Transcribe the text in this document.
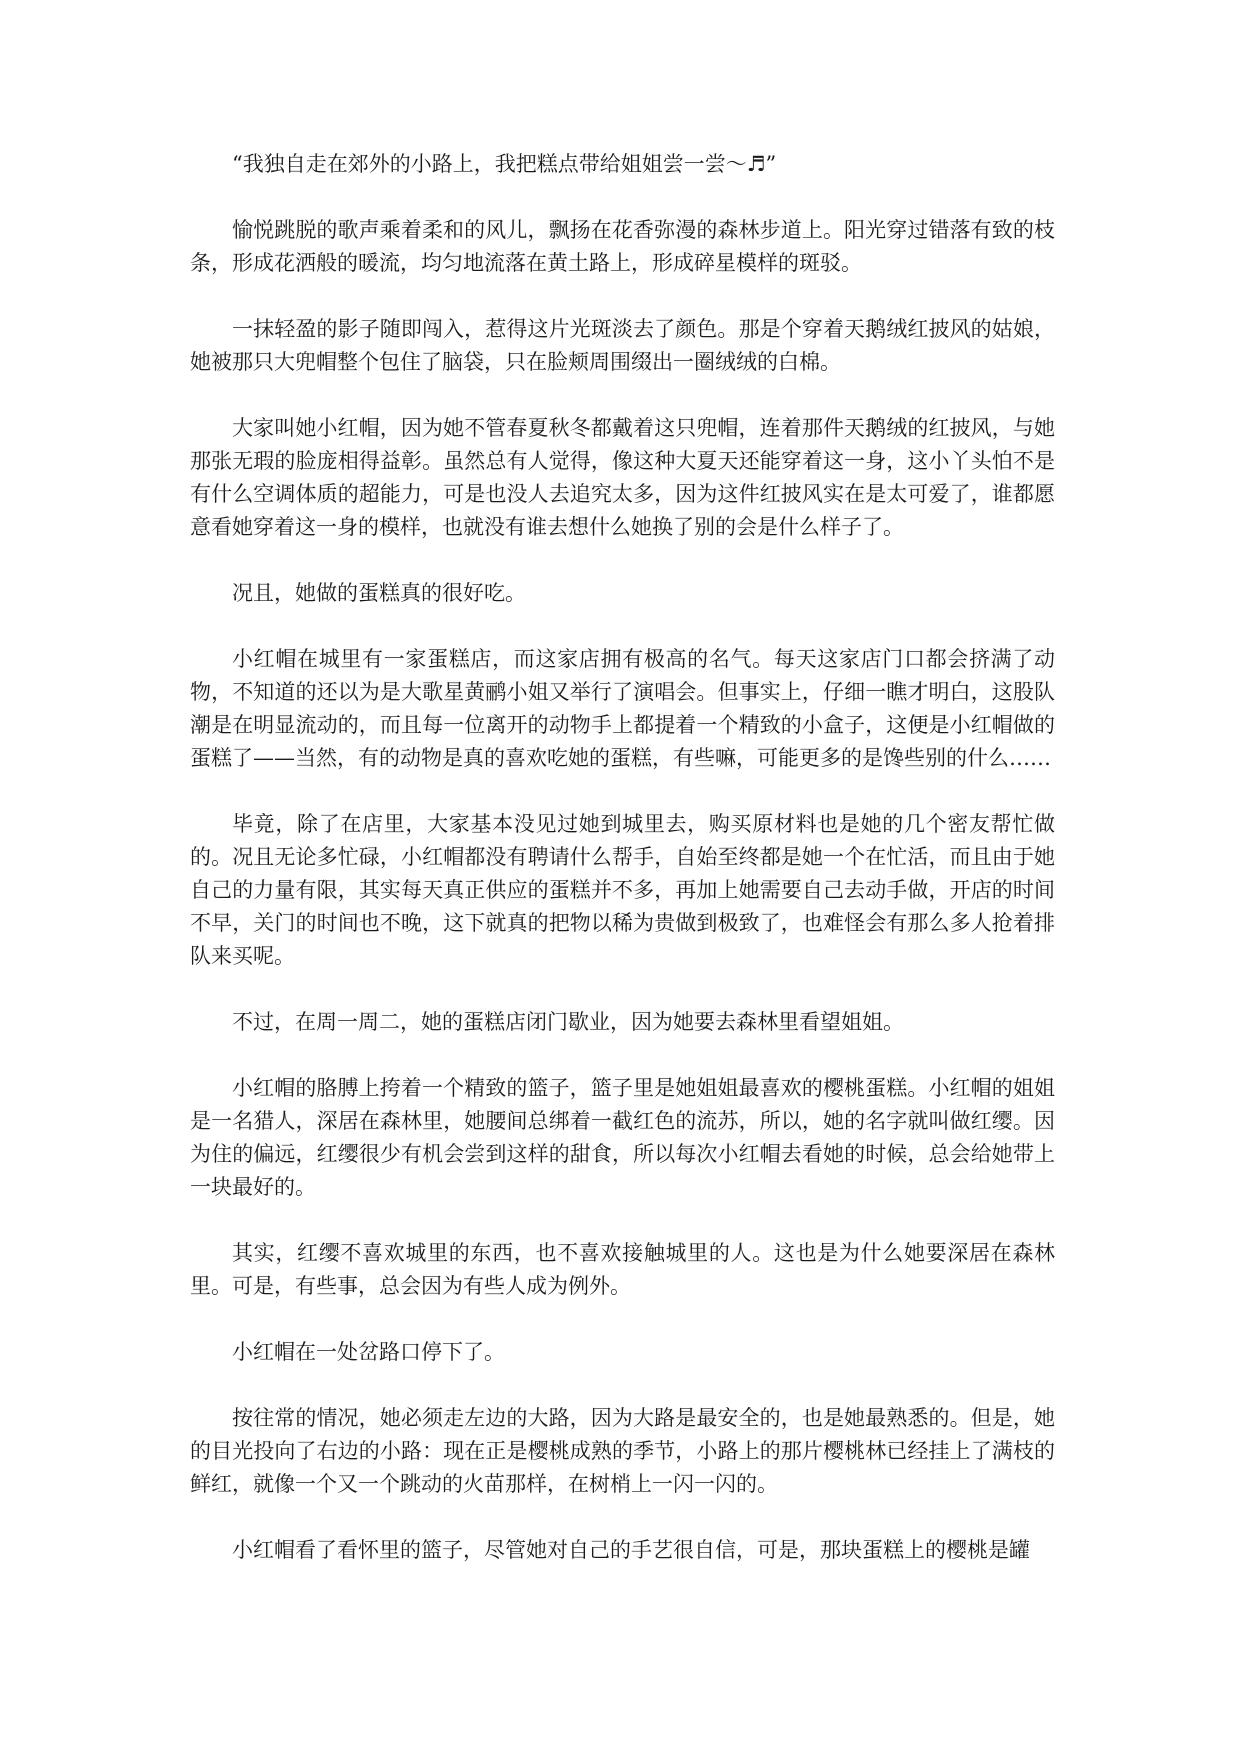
“我独自走在郊外的小路上，我把糕点带给姐姐尝一尝～♬”

愉悦跳脱的歌声乘着柔和的风儿，飘扬在花香弥漫的森林步道上。阳光穿过错落有致的枝条，形成花洒般的暖流，均匀地流落在黄土路上，形成碎星模样的斑驳。

一抹轻盈的影子随即闯入，惹得这片光斑淡去了颜色。那是个穿着天鹅绒红披风的姑娘，她被那只大兜帽整个包住了脑袋，只在脸颊周围缀出一圈绒绒的白棉。

大家叫她小红帽，因为她不管春夏秋冬都戴着这只兜帽，连着那件天鹅绒的红披风，与她那张无瑕的脸庞相得益彰。虽然总有人觉得，像这种大夏天还能穿着这一身，这小丫头怕不是有什么空调体质的超能力，可是也没人去追究太多，因为这件红披风实在是太可爱了，谁都愿意看她穿着这一身的模样，也就没有谁去想什么她换了别的会是什么样子了。

况且，她做的蛋糕真的很好吃。

小红帽在城里有一家蛋糕店，而这家店拥有极高的名气。每天这家店门口都会挤满了动物，不知道的还以为是大歌星黄鹂小姐又举行了演唱会。但事实上，仔细一瞧才明白，这股队潮是在明显流动的，而且每一位离开的动物手上都提着一个精致的小盒子，这便是小红帽做的蛋糕了——当然，有的动物是真的喜欢吃她的蛋糕，有些嘛，可能更多的是馋些别的什么……

毕竟，除了在店里，大家基本没见过她到城里去，购买原材料也是她的几个密友帮忙做的。况且无论多忙碌，小红帽都没有聘请什么帮手，自始至终都是她一个在忙活，而且由于她自己的力量有限，其实每天真正供应的蛋糕并不多，再加上她需要自己去动手做，开店的时间不早，关门的时间也不晚，这下就真的把物以稀为贵做到极致了，也难怪会有那么多人抢着排队来买呢。

不过，在周一周二，她的蛋糕店闭门歇业，因为她要去森林里看望姐姐。

小红帽的胳膊上挎着一个精致的篮子，篮子里是她姐姐最喜欢的樱桃蛋糕。小红帽的姐姐是一名猎人，深居在森林里，她腰间总绑着一截红色的流苏，所以，她的名字就叫做红缨。因为住的偏远，红缨很少有机会尝到这样的甜食，所以每次小红帽去看她的时候，总会给她带上一块最好的。

其实，红缨不喜欢城里的东西，也不喜欢接触城里的人。这也是为什么她要深居在森林里。可是，有些事，总会因为有些人成为例外。

小红帽在一处岔路口停下了。

按往常的情况，她必须走左边的大路，因为大路是最安全的，也是她最熟悉的。但是，她的目光投向了右边的小路：现在正是樱桃成熟的季节，小路上的那片樱桃林已经挂上了满枝的鲜红，就像一个又一个跳动的火苗那样，在树梢上一闪一闪的。

小红帽看了看怀里的篮子，尽管她对自己的手艺很自信，可是，那块蛋糕上的樱桃是罐
